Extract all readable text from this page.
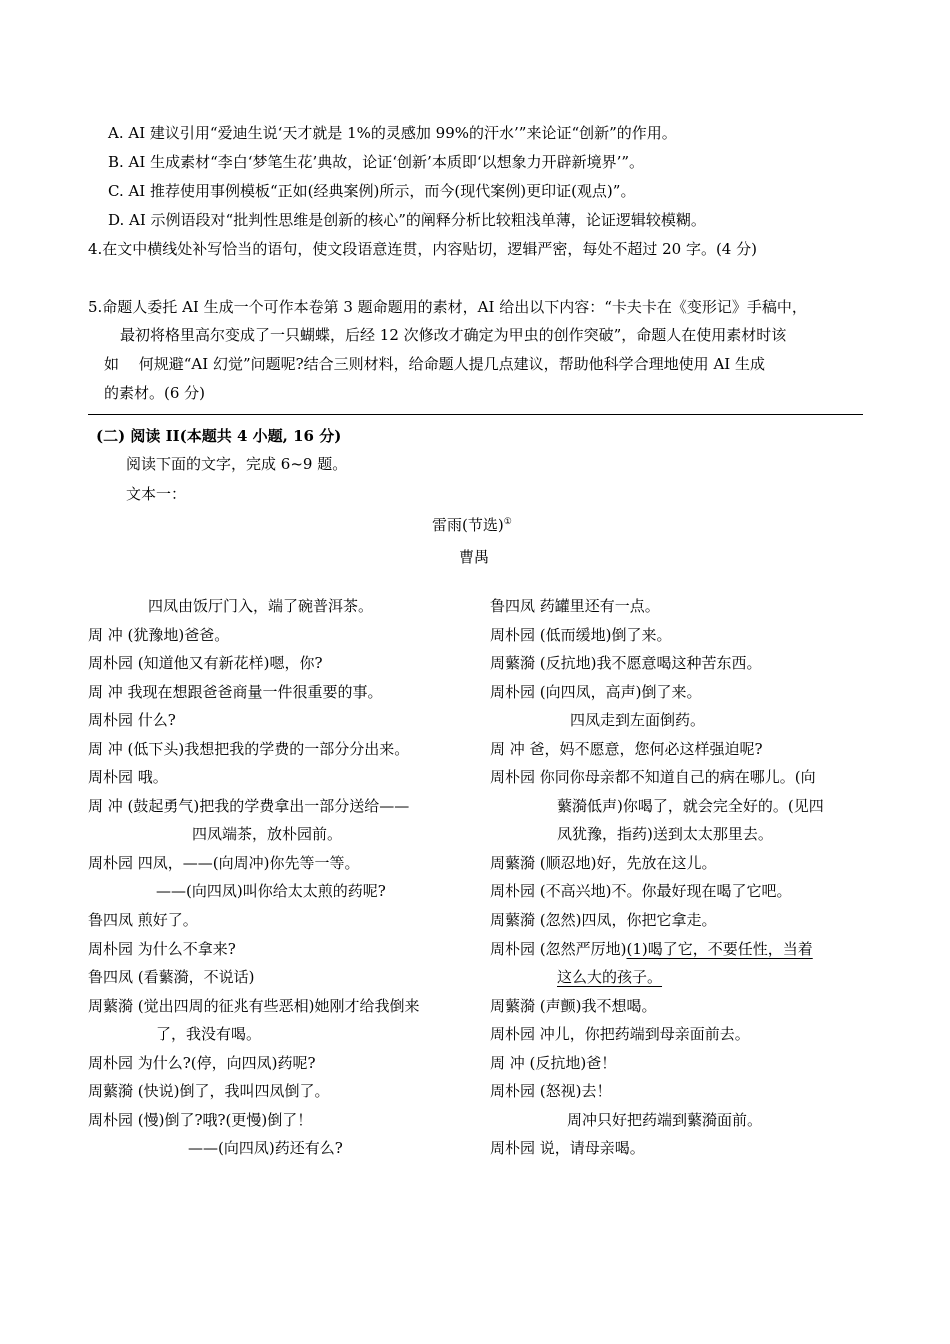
A. AI 建议引用“爱迪生说‘天才就是 1%的灵感加 99%的汗水’”来论证“创新”的作用。
B. AI 生成素材“李白‘梦笔生花’典故，论证‘创新’本质即‘以想象力开辟新境界’”。
C. AI 推荐使用事例模板“正如(经典案例)所示，而今(现代案例)更印证(观点)”。
D. AI 示例语段对“批判性思维是创新的核心”的阐释分析比较粗浅单薄，论证逻辑较模糊。
4.在文中横线处补写恰当的语句，使文段语意连贯，内容贴切，逻辑严密，每处不超过 20 字。(4 分)
5.命题人委托 AI 生成一个可作本卷第 3 题命题用的素材，AI 给出以下内容：“卡夫卡在《变形记》手稿中，
最初将格里高尔变成了一只蝴蝶，后经 12 次修改才确定为甲虫的创作突破”，命题人在使用素材时该
如　 何规避“AI 幻觉”问题呢?结合三则材料，给命题人提几点建议，帮助他科学合理地使用 AI 生成
的素材。(6 分)
(二) 阅读 II(本题共 4 小题, 16 分)
阅读下面的文字，完成 6~9 题。
文本一：
雷雨(节选)①
曹禺
四凤由饭厅门入，端了碗普洱茶。
周 冲 (犹豫地)爸爸。
周朴园 (知道他又有新花样)嗯，你?
周 冲 我现在想跟爸爸商量一件很重要的事。
周朴园 什么?
周 冲 (低下头)我想把我的学费的一部分分出来。
周朴园 哦。
周 冲 (鼓起勇气)把我的学费拿出一部分送给——
四凤端茶，放朴园前。
周朴园 四凤，——(向周冲)你先等一等。
——(向四凤)叫你给太太煎的药呢?
鲁四凤 煎好了。
周朴园 为什么不拿来?
鲁四凤 (看蘩漪，不说话)
周蘩漪 (觉出四周的征兆有些恶相)她刚才给我倒来
了，我没有喝。
周朴园 为什么?(停，向四凤)药呢?
周蘩漪 (快说)倒了，我叫四凤倒了。
周朴园 (慢)倒了?哦?(更慢)倒了！
——(向四凤)药还有么?
鲁四凤 药罐里还有一点。
周朴园 (低而缓地)倒了来。
周蘩漪 (反抗地)我不愿意喝这种苦东西。
周朴园 (向四凤，高声)倒了来。
四凤走到左面倒药。
周 冲 爸，妈不愿意，您何必这样强迫呢?
周朴园 你同你母亲都不知道自己的病在哪儿。(向
蘩漪低声)你喝了，就会完全好的。(见四
凤犹豫，指药)送到太太那里去。
周蘩漪 (顺忍地)好，先放在这儿。
周朴园 (不高兴地)不。你最好现在喝了它吧。
周蘩漪 (忽然)四凤，你把它拿走。
周朴园 (忽然严厉地)(1)喝了它，不要任性，当着
这么大的孩子。
周蘩漪 (声颤)我不想喝。
周朴园 冲儿，你把药端到母亲面前去。
周 冲 (反抗地)爸！
周朴园 (怒视)去！
周冲只好把药端到蘩漪面前。
周朴园 说，请母亲喝。
